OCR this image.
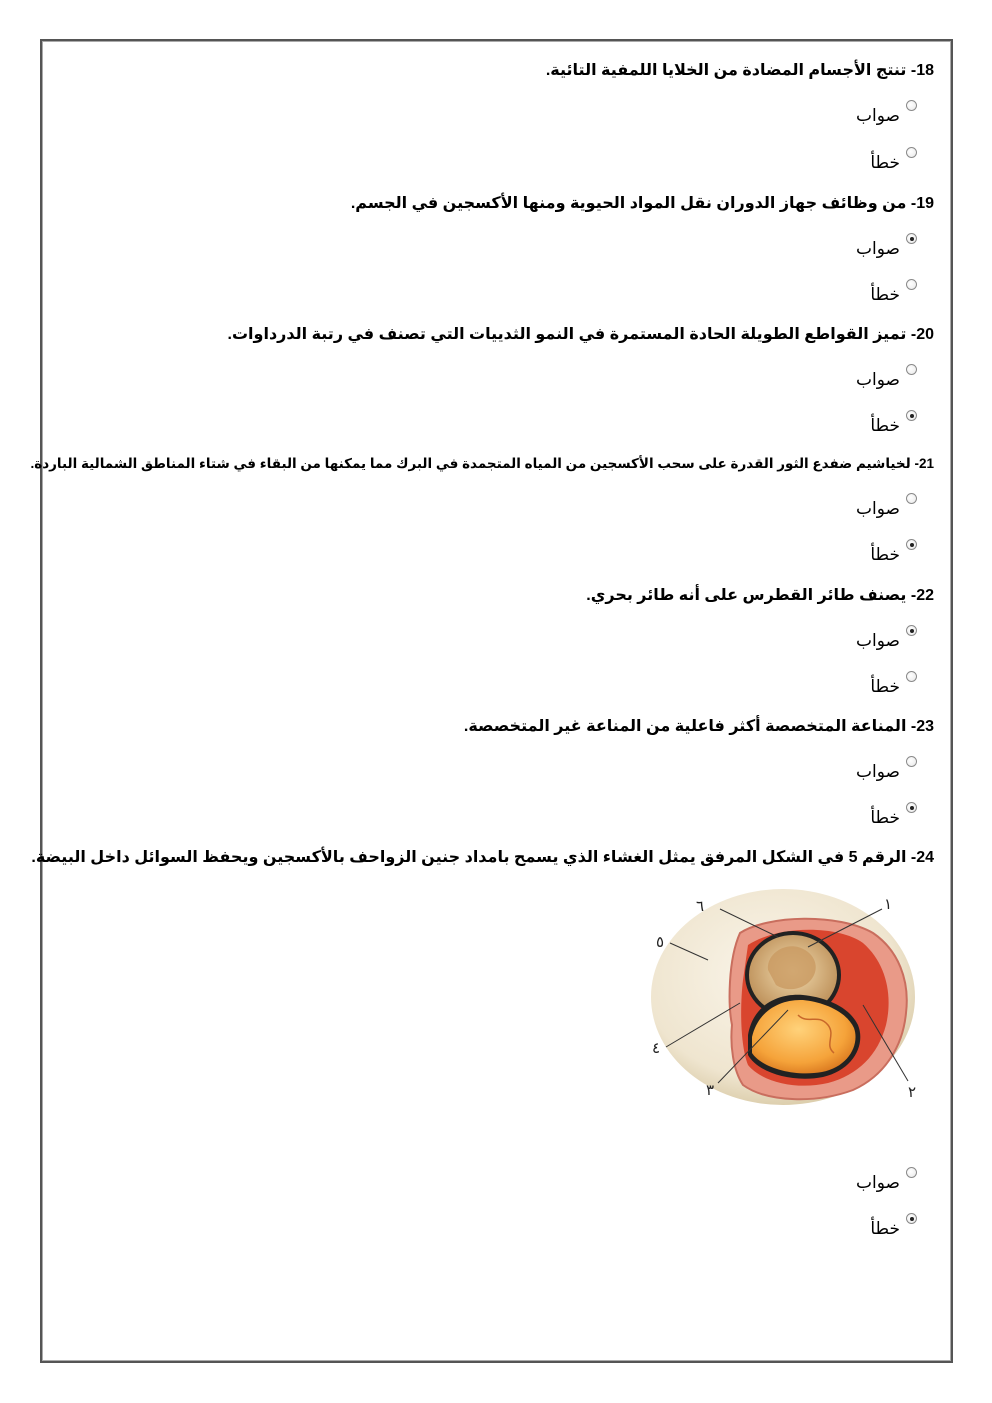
18- تنتج الأجسام المضادة من الخلايا اللمفية التائية.
صواب
خطأ
19- من وظائف جهاز الدوران نقل المواد الحيوية ومنها الأكسجين في الجسم.
صواب
خطأ
20- تميز القواطع الطويلة الحادة المستمرة في النمو الثدييات التي تصنف في رتبة الدرداوات.
صواب
خطأ
21- لخياشيم ضفدع الثور القدرة على سحب الأكسجين من المياه المتجمدة في البرك مما يمكنها من البقاء في شتاء المناطق الشمالية الباردة.
صواب
خطأ
22- يصنف طائر القطرس على أنه طائر بحري.
صواب
خطأ
23- المناعة المتخصصة أكثر فاعلية من المناعة غير المتخصصة.
صواب
خطأ
24- الرقم 5 في الشكل المرفق يمثل الغشاء الذي يسمح بامداد جنين الزواحف بالأكسجين ويحفظ السوائل داخل البيضة.
٦	١
٥
٤
٣	٢
صواب
خطأ
